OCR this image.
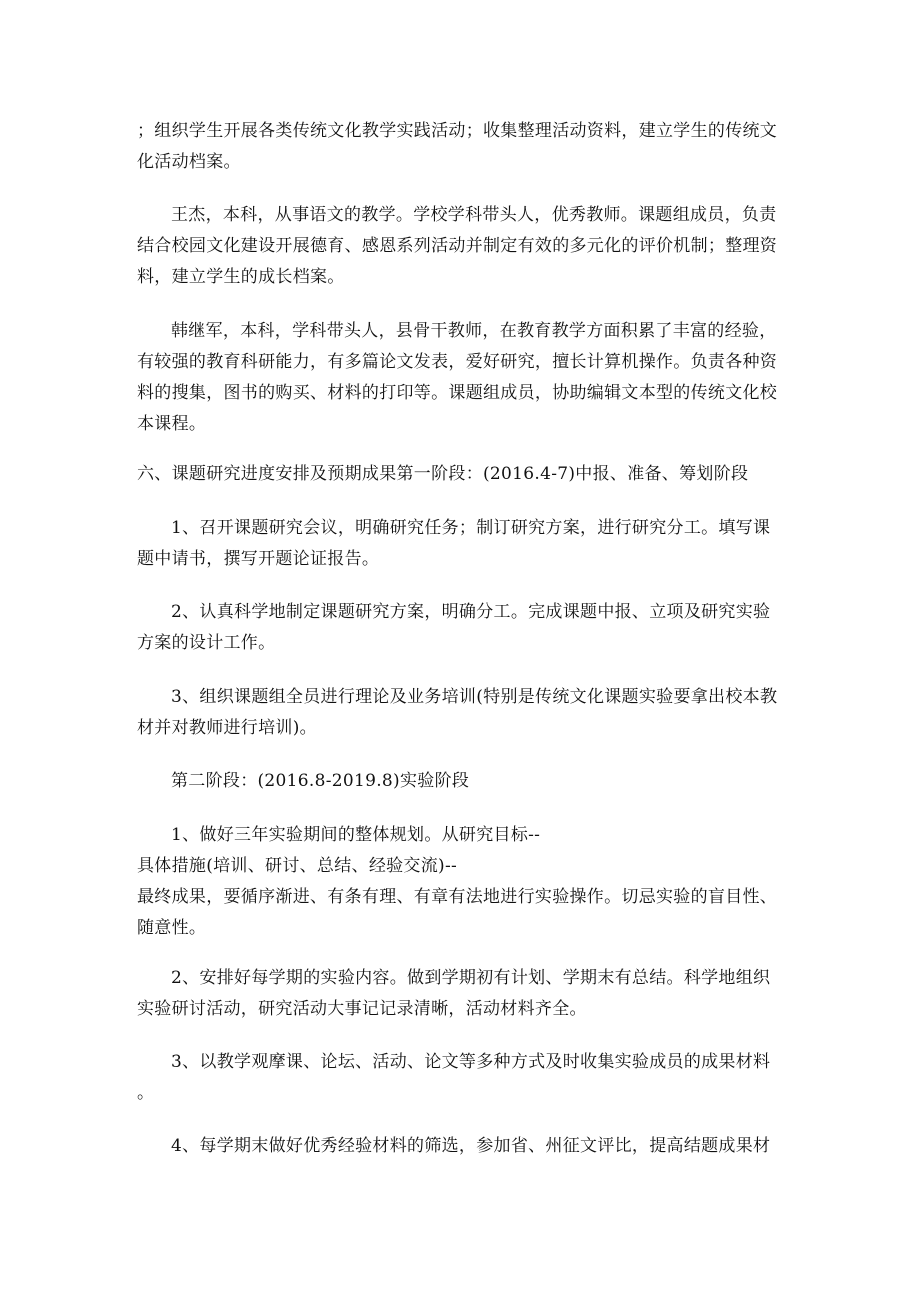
；组织学生开展各类传统文化教学实践活动；收集整理活动资料，建立学生的传统文
化活动档案。

王杰，本科，从事语文的教学。学校学科带头人，优秀教师。课题组成员，负责
结合校园文化建设开展德育、感恩系列活动并制定有效的多元化的评价机制；整理资
料，建立学生的成长档案。

韩继军，本科，学科带头人，县骨干教师，在教育教学方面积累了丰富的经验，
有较强的教育科研能力，有多篇论文发表，爱好研究，擅长计算机操作。负责各种资
料的搜集，图书的购买、材料的打印等。课题组成员，协助编辑文本型的传统文化校
本课程。

六、课题研究进度安排及预期成果第一阶段：(2016.4-7)中报、准备、筹划阶段

1、召开课题研究会议，明确研究任务；制订研究方案，进行研究分工。填写课
题中请书，撰写开题论证报告。

2、认真科学地制定课题研究方案，明确分工。完成课题中报、立项及研究实验
方案的设计工作。

3、组织课题组全员进行理论及业务培训(特别是传统文化课题实验要拿出校本教
材并对教师进行培训)。

第二阶段：(2016.8-2019.8)实验阶段

1、做好三年实验期间的整体规划。从研究目标--
具体措施(培训、研讨、总结、经验交流)--
最终成果，要循序渐进、有条有理、有章有法地进行实验操作。切忌实验的盲目性、
随意性。

2、安排好每学期的实验内容。做到学期初有计划、学期末有总结。科学地组织
实验研讨活动，研究活动大事记记录清晰，活动材料齐全。

3、以教学观摩课、论坛、活动、论文等多种方式及时收集实验成员的成果材料
。

4、每学期末做好优秀经验材料的筛选，参加省、州征文评比，提高结题成果材
